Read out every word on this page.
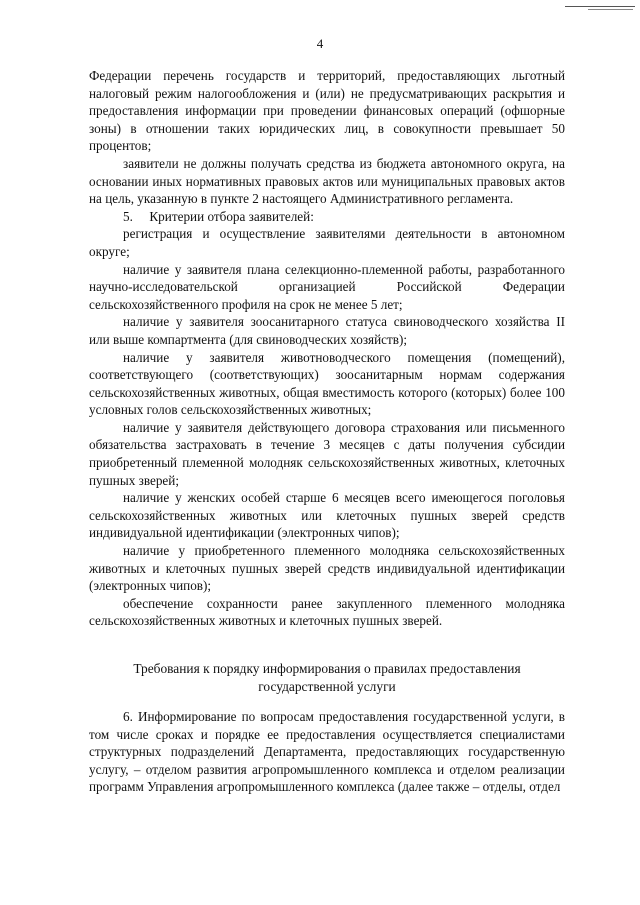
4

Федерации перечень государств и территорий, предоставляющих льготный налоговый режим налогообложения и (или) не предусматривающих раскрытия и предоставления информации при проведении финансовых операций (офшорные зоны) в отношении таких юридических лиц, в совокупности превышает 50 процентов;

заявители не должны получать средства из бюджета автономного округа, на основании иных нормативных правовых актов или муниципальных правовых актов на цель, указанную в пункте 2 настоящего Административного регламента.

5.     Критерии отбора заявителей:

регистрация и осуществление заявителями деятельности в автономном округе;

наличие у заявителя плана селекционно-племенной работы, разработанного научно-исследовательской организацией Российской Федерации сельскохозяйственного профиля на срок не менее 5 лет;

наличие у заявителя зоосанитарного статуса свиноводческого хозяйства II или выше компартмента (для свиноводческих хозяйств);

наличие у заявителя животноводческого помещения (помещений), соответствующего (соответствующих) зоосанитарным нормам содержания сельскохозяйственных животных, общая вместимость которого (которых) более 100 условных голов сельскохозяйственных животных;

наличие у заявителя действующего договора страхования или письменного обязательства застраховать в течение 3 месяцев с даты получения субсидии приобретенный племенной молодняк сельскохозяйственных животных, клеточных пушных зверей;

наличие у женских особей старше 6 месяцев всего имеющегося поголовья сельскохозяйственных животных или клеточных пушных зверей средств индивидуальной идентификации (электронных чипов);

наличие у приобретенного племенного молодняка сельскохозяйственных животных и клеточных пушных зверей средств индивидуальной идентификации (электронных чипов);

обеспечение сохранности ранее закупленного племенного молодняка сельскохозяйственных животных и клеточных пушных зверей.

Требования к порядку информирования о правилах предоставления государственной услуги

6. Информирование по вопросам предоставления государственной услуги, в том числе сроках и порядке ее предоставления осуществляется специалистами структурных подразделений Департамента, предоставляющих государственную услугу, – отделом развития агропромышленного комплекса и отделом реализации программ Управления агропромышленного комплекса (далее также – отделы, отдел
